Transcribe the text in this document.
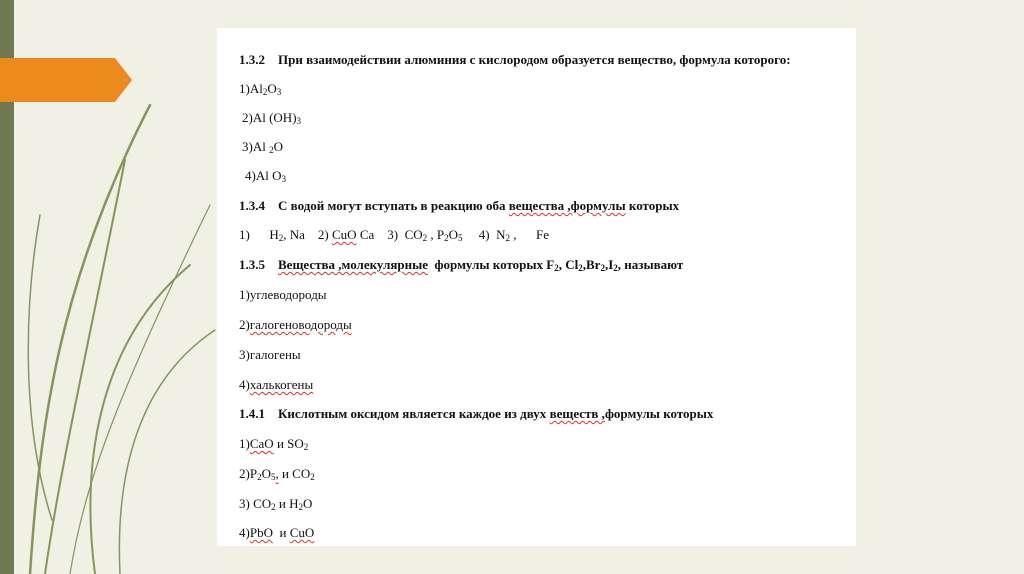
1.3.2 При взаимодействии алюминия с кислородом образуется вещество, формула которого:
$1)Al_2O_3$
2)Al $(OH)_3$
3)Al $_2$O
4)Al $O_3$
1.3.4 С водой могут вступать в реакцию оба вещества ,формулы которых
1) $H_2$, Na 2) CuO Ca 3) $CO_2$ , $P_2O_5$ 4) $N_2$ , Fe
1.3.5 Вещества ,молекулярные  формулы которых $F_2$, $Cl_2,Br_2,I_2$, называют
1)углеводороды
2)галогеноводороды
3)галогены
4)халькогены
1.4.1 Кислотным оксидом является каждое из двух веществ ,формулы которых
1)CaO и $SO_2$
$2)P_2O_5$, и $CO_2$
3) $CO_2$ и $H_2O$
4)PbO  и CuO
